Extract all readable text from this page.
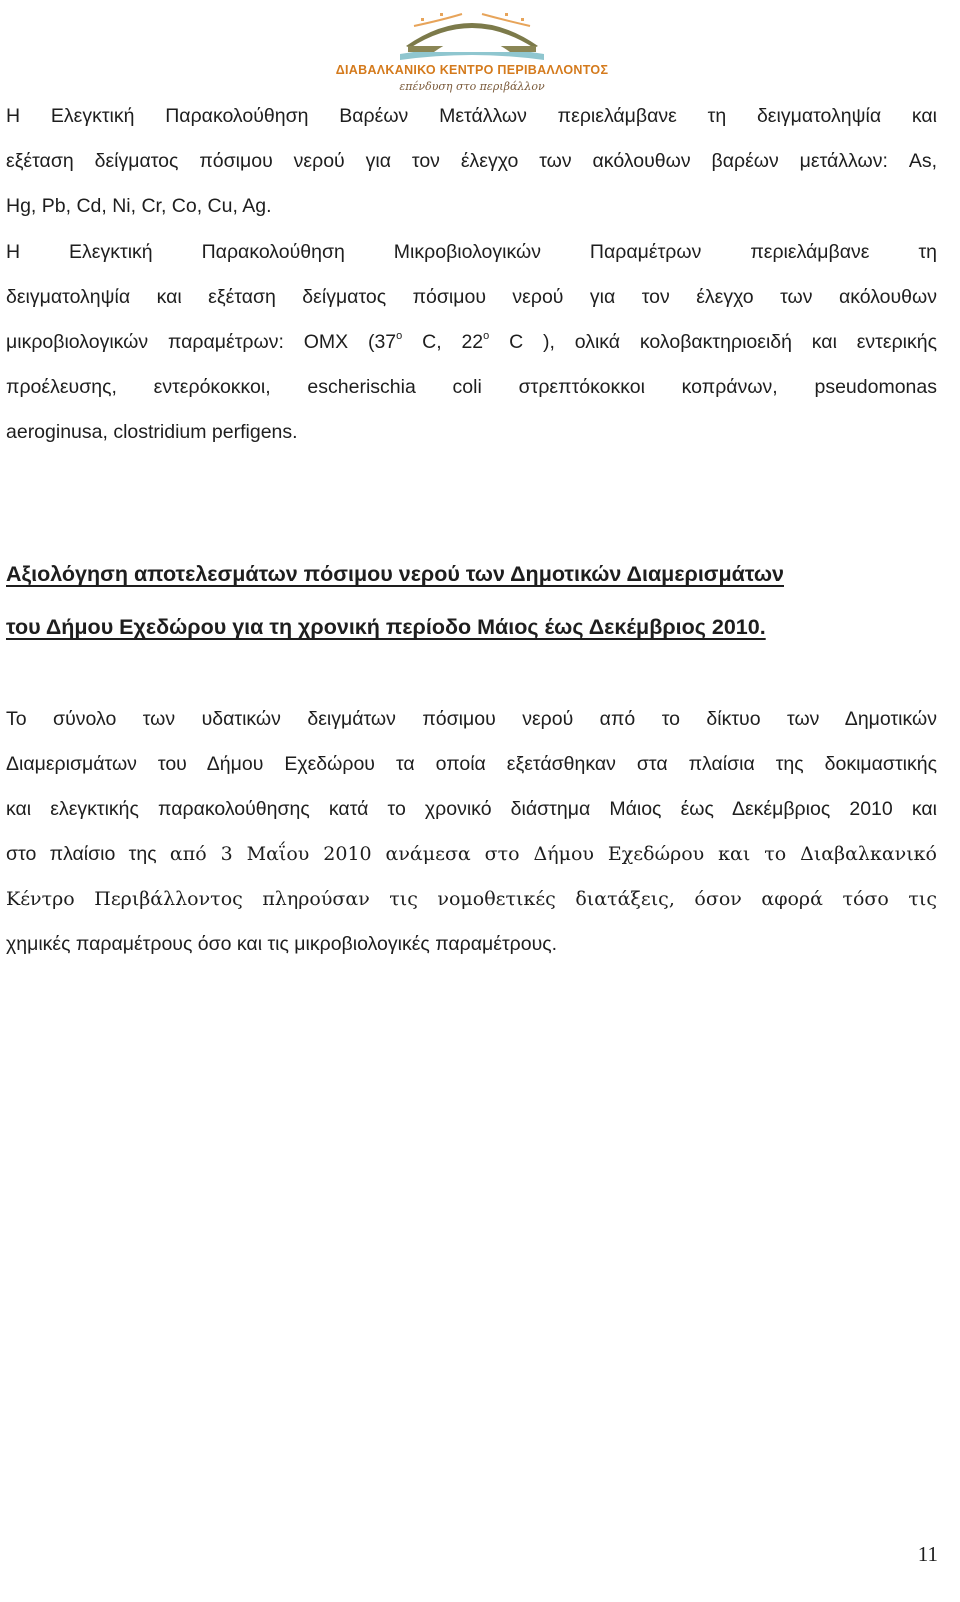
ΔΙΑΒΑΛΚΑΝΙΚΟ ΚΕΝΤΡΟ ΠΕΡΙΒΑΛΛΟΝΤΟΣ
επένδυση στο περιβάλλον
Η Ελεγκτική Παρακολούθηση Βαρέων Μετάλλων περιελάμβανε τη δειγματοληψία και
εξέταση δείγματος πόσιμου νερού για τον έλεγχο των ακόλουθων βαρέων μετάλλων: As,
Hg, Pb, Cd, Ni, Cr, Co, Cu, Ag.
Η Ελεγκτική Παρακολούθηση Μικροβιολογικών Παραμέτρων περιελάμβανε τη
δειγματοληψία και εξέταση δείγματος πόσιμου νερού για τον έλεγχο των ακόλουθων
μικροβιολογικών παραμέτρων: ΟΜΧ ($37^o$ C, $22^o$ C ), ολικά κολοβακτηριοειδή και εντερικής
προέλευσης, εντερόκοκκοι, escherischia coli στρεπτόκοκκοι κοπράνων, pseudomonas
aeroginusa, clostridium perfigens.
Αξιολόγηση αποτελεσμάτων πόσιμου νερού των Δημοτικών Διαμερισμάτων
του Δήμου Εχεδώρου για τη χρονική περίοδο Μάιος έως Δεκέμβριος 2010.
Το σύνολο των υδατικών δειγμάτων πόσιμου νερού από το δίκτυο των Δημοτικών
Διαμερισμάτων του Δήμου Εχεδώρου τα οποία εξετάσθηκαν στα πλαίσια της δοκιμαστικής
και ελεγκτικής παρακολούθησης κατά το χρονικό διάστημα Μάιος έως Δεκέμβριος 2010 και
στο πλαίσιο της από 3 Μαΐου 2010 ανάμεσα στο Δήμου Εχεδώρου και το Διαβαλκανικό
Κέντρο Περιβάλλοντος πληρούσαν τις νομοθετικές διατάξεις, όσον αφορά τόσο τις
χημικές παραμέτρους όσο και τις μικροβιολογικές παραμέτρους.
11
